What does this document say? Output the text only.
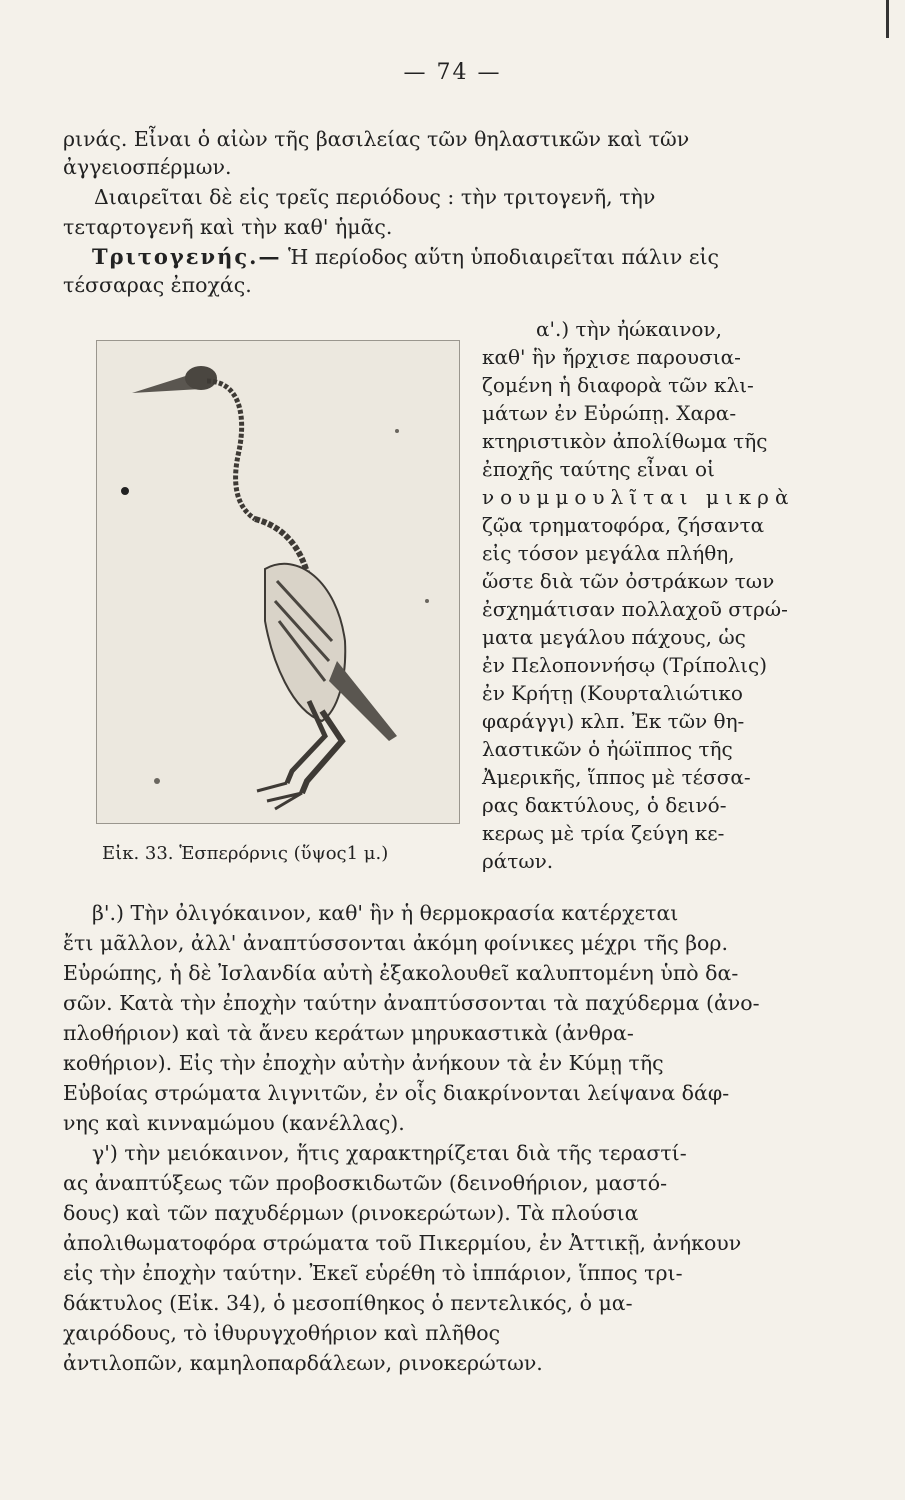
— 74 —
ρινάς. Εἶναι ὁ αἰὼν τῆς βασιλείας τῶν θηλαστικῶν καὶ τῶν
ἀγγειοσπέρμων.
Διαιρεῖται δὲ εἰς τρεῖς περιόδους : τὴν τριτογενῆ, τὴν
τεταρτογενῆ καὶ τὴν καθ' ἡμᾶς.
Τριτογενής.— Ἡ περίοδος αὕτη ὑποδιαιρεῖται πάλιν εἰς
τέσσαρας ἐποχάς.
Εἰκ. 33. Ἑσπερόρνις (ὕψος1 μ.)
α'.) τὴν ἠώκαινον,
καθ' ἣν ἤρχισε παρουσια-
ζομένη ἡ διαφορὰ τῶν κλι-
μάτων ἐν Εὐρώπῃ. Χαρα-
κτηριστικὸν ἀπολίθωμα τῆς
ἐποχῆς ταύτης εἶναι οἱ
νουμμουλῖται μικρὰ
ζῷα τρηματοφόρα, ζήσαντα
εἰς τόσον μεγάλα πλήθη,
ὥστε διὰ τῶν ὀστράκων των
ἐσχημάτισαν πολλαχοῦ στρώ-
ματα μεγάλου πάχους, ὡς
ἐν Πελοποννήσῳ (Τρίπολις)
ἐν Κρήτῃ (Κουρταλιώτικο
φαράγγι) κλπ. Ἐκ τῶν θη-
λαστικῶν ὁ ἠώϊππος τῆς
Ἀμερικῆς, ἵππος μὲ τέσσα-
ρας δακτύλους, ὁ δεινό-
κερως μὲ τρία ζεύγη κε-
ράτων.
β'.) Τὴν ὀλιγόκαινον, καθ' ἣν ἡ θερμοκρασία κατέρχεται
ἔτι μᾶλλον, ἀλλ' ἀναπτύσσονται ἀκόμη φοίνικες μέχρι τῆς βορ.
Εὐρώπης, ἡ δὲ Ἰσλανδία αὐτὴ ἐξακολουθεῖ καλυπτομένη ὑπὸ δα-
σῶν. Κατὰ τὴν ἐποχὴν ταύτην ἀναπτύσσονται τὰ παχύδερμα (ἀνο-
πλοθήριον) καὶ τὰ ἄνευ κεράτων μηρυκαστικὰ (ἀνθρα-
κοθήριον). Εἰς τὴν ἐποχὴν αὐτὴν ἀνήκουν τὰ ἐν Κύμῃ τῆς
Εὐβοίας στρώματα λιγνιτῶν, ἐν οἷς διακρίνονται λείψανα δάφ-
νης καὶ κινναμώμου (κανέλλας).
γ') τὴν μειόκαινον, ἥτις χαρακτηρίζεται διὰ τῆς τεραστί-
ας ἀναπτύξεως τῶν προβοσκιδωτῶν (δεινοθήριον, μαστό-
δους) καὶ τῶν παχυδέρμων (ρινοκερώτων). Τὰ πλούσια
ἀπολιθωματοφόρα στρώματα τοῦ Πικερμίου, ἐν Ἀττικῇ, ἀνήκουν
εἰς τὴν ἐποχὴν ταύτην. Ἐκεῖ εὑρέθη τὸ ἱππάριον, ἵππος τρι-
δάκτυλος (Εἰκ. 34), ὁ μεσοπίθηκος ὁ πεντελικός, ὁ μα-
χαιρόδους, τὸ ἰθυρυγχοθήριον καὶ πλῆθος
ἀντιλοπῶν, καμηλοπαρδάλεων, ρινοκερώτων.
